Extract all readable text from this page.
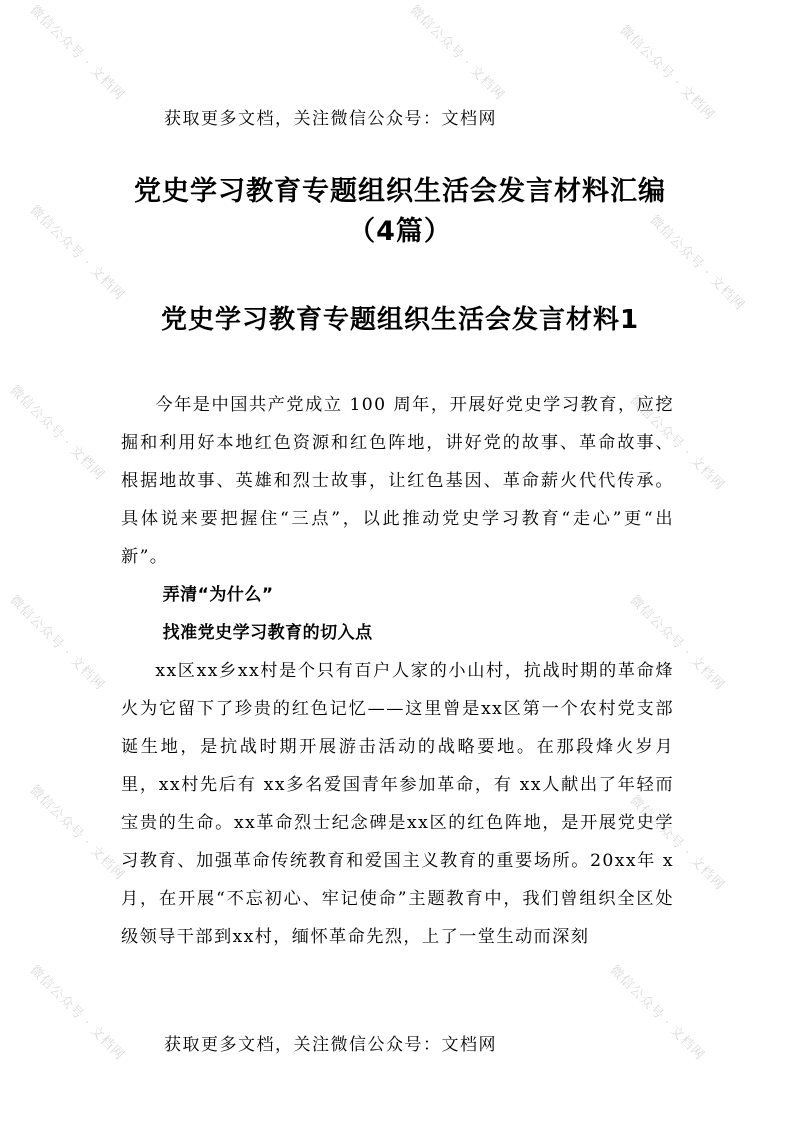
微信公众号 · 文档网	微信公众号 · 文档网	微信公众号 · 文档网
微信公众号 · 文档网	微信公众号 · 文档网
微信公众号 · 文档网	微信公众号 · 文档网
微信公众号 · 文档网	微信公众号 · 文档网
微信公众号 · 文档网	微信公众号 · 文档网
微信公众号 · 文档网	微信公众号 · 文档网
获取更多文档，关注微信公众号：文档网
党史学习教育专题组织生活会发言材料汇编（4篇）
党史学习教育专题组织生活会发言材料1

今年是中国共产党成立 100 周年，开展好党史学习教育，应挖掘和利用好本地红色资源和红色阵地，讲好党的故事、革命故事、根据地故事、英雄和烈士故事，让红色基因、革命薪火代代传承。具体说来要把握住“三点”，以此推动党史学习教育“走心”更“出新”。

弄清“为什么”

找准党史学习教育的切入点

xx区xx乡xx村是个只有百户人家的小山村，抗战时期的革命烽火为它留下了珍贵的红色记忆——这里曾是xx区第一个农村党支部诞生地，是抗战时期开展游击活动的战略要地。在那段烽火岁月里，xx村先后有 xx多名爱国青年参加革命，有 xx人献出了年轻而宝贵的生命。xx革命烈士纪念碑是xx区的红色阵地，是开展党史学习教育、加强革命传统教育和爱国主义教育的重要场所。20xx年 x月，在开展“不忘初心、牢记使命”主题教育中，我们曾组织全区处级领导干部到xx村，缅怀革命先烈，上了一堂生动而深刻

获取更多文档，关注微信公众号：文档网
